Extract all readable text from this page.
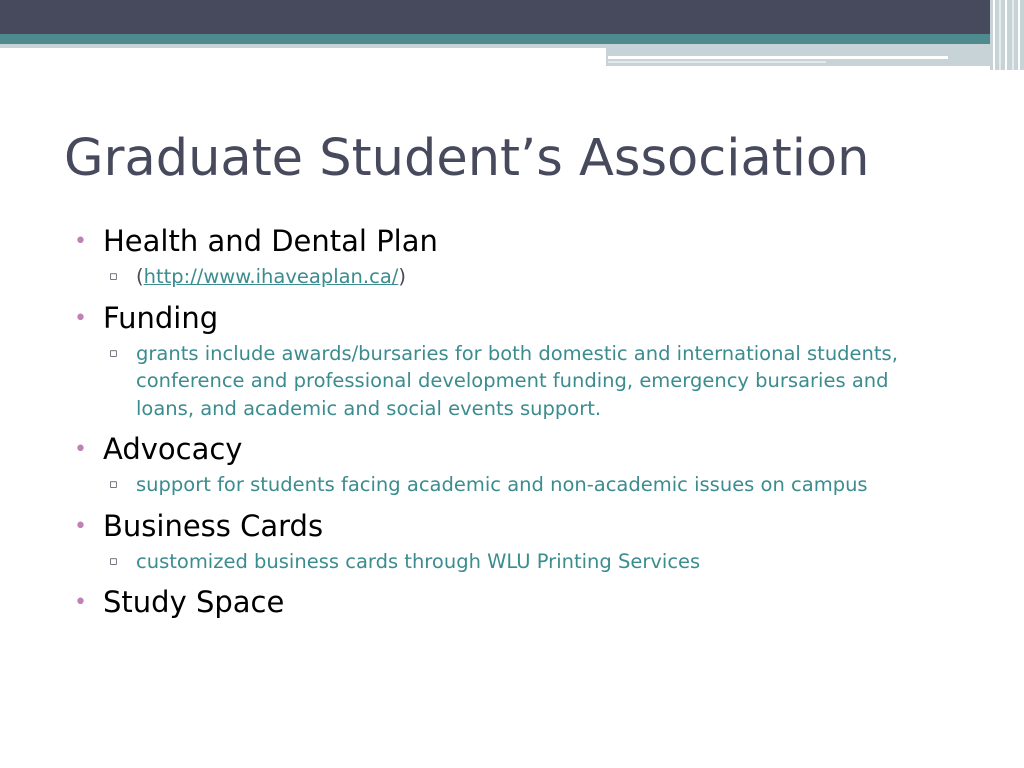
Graduate Student’s Association
• Health and Dental Plan
▫ (http://www.ihaveaplan.ca/)
• Funding
▫ grants include awards/bursaries for both domestic and international students, conference and professional development funding, emergency bursaries and loans, and academic and social events support.
• Advocacy
▫ support for students facing academic and non-academic issues on campus
• Business Cards
▫ customized business cards through WLU Printing Services
• Study Space
